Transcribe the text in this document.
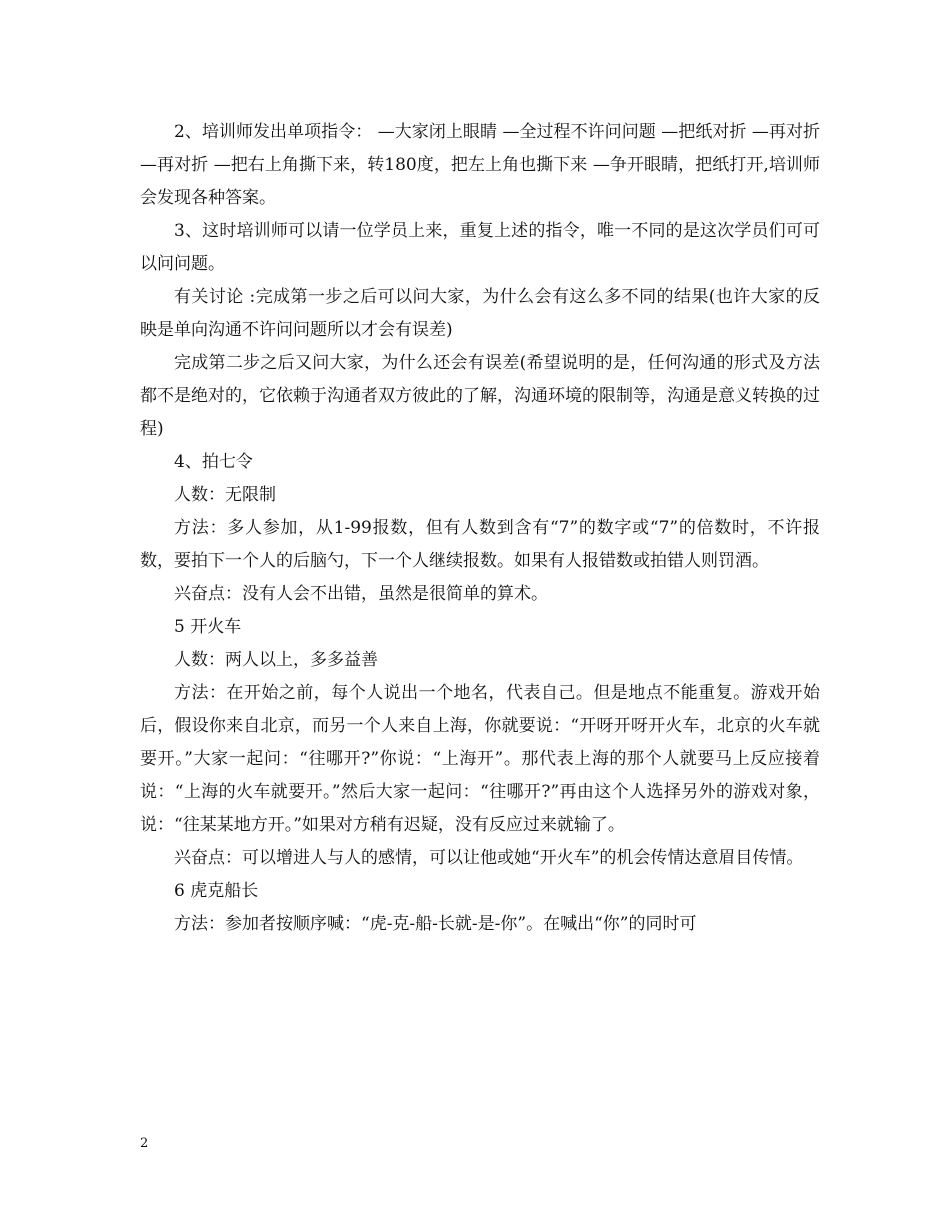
2、培训师发出单项指令： —大家闭上眼睛 —全过程不许问问题 —把纸对折 —再对折 —再对折 —把右上角撕下来，转180度，把左上角也撕下来 —争开眼睛，把纸打开,培训师会发现各种答案。

3、这时培训师可以请一位学员上来，重复上述的指令，唯一不同的是这次学员们可可以问问题。

有关讨论 :完成第一步之后可以问大家，为什么会有这么多不同的结果(也许大家的反映是单向沟通不许问问题所以才会有误差)

完成第二步之后又问大家，为什么还会有误差(希望说明的是，任何沟通的形式及方法都不是绝对的，它依赖于沟通者双方彼此的了解，沟通环境的限制等，沟通是意义转换的过程)

4、拍七令

人数：无限制

方法：多人参加，从1-99报数，但有人数到含有“7”的数字或“7”的倍数时，不许报数，要拍下一个人的后脑勺，下一个人继续报数。如果有人报错数或拍错人则罚酒。

兴奋点：没有人会不出错，虽然是很简单的算术。

5 开火车

人数：两人以上，多多益善

方法：在开始之前，每个人说出一个地名，代表自己。但是地点不能重复。游戏开始后，假设你来自北京，而另一个人来自上海，你就要说：“开呀开呀开火车，北京的火车就要开。”大家一起问：“往哪开?”你说：“上海开”。那代表上海的那个人就要马上反应接着说：“上海的火车就要开。”然后大家一起问：“往哪开?”再由这个人选择另外的游戏对象，说：“往某某地方开。”如果对方稍有迟疑，没有反应过来就输了。

兴奋点：可以增进人与人的感情，可以让他或她“开火车”的机会传情达意眉目传情。

6 虎克船长

方法：参加者按顺序喊：“虎-克-船-长就-是-你”。在喊出“你”的同时可

2
